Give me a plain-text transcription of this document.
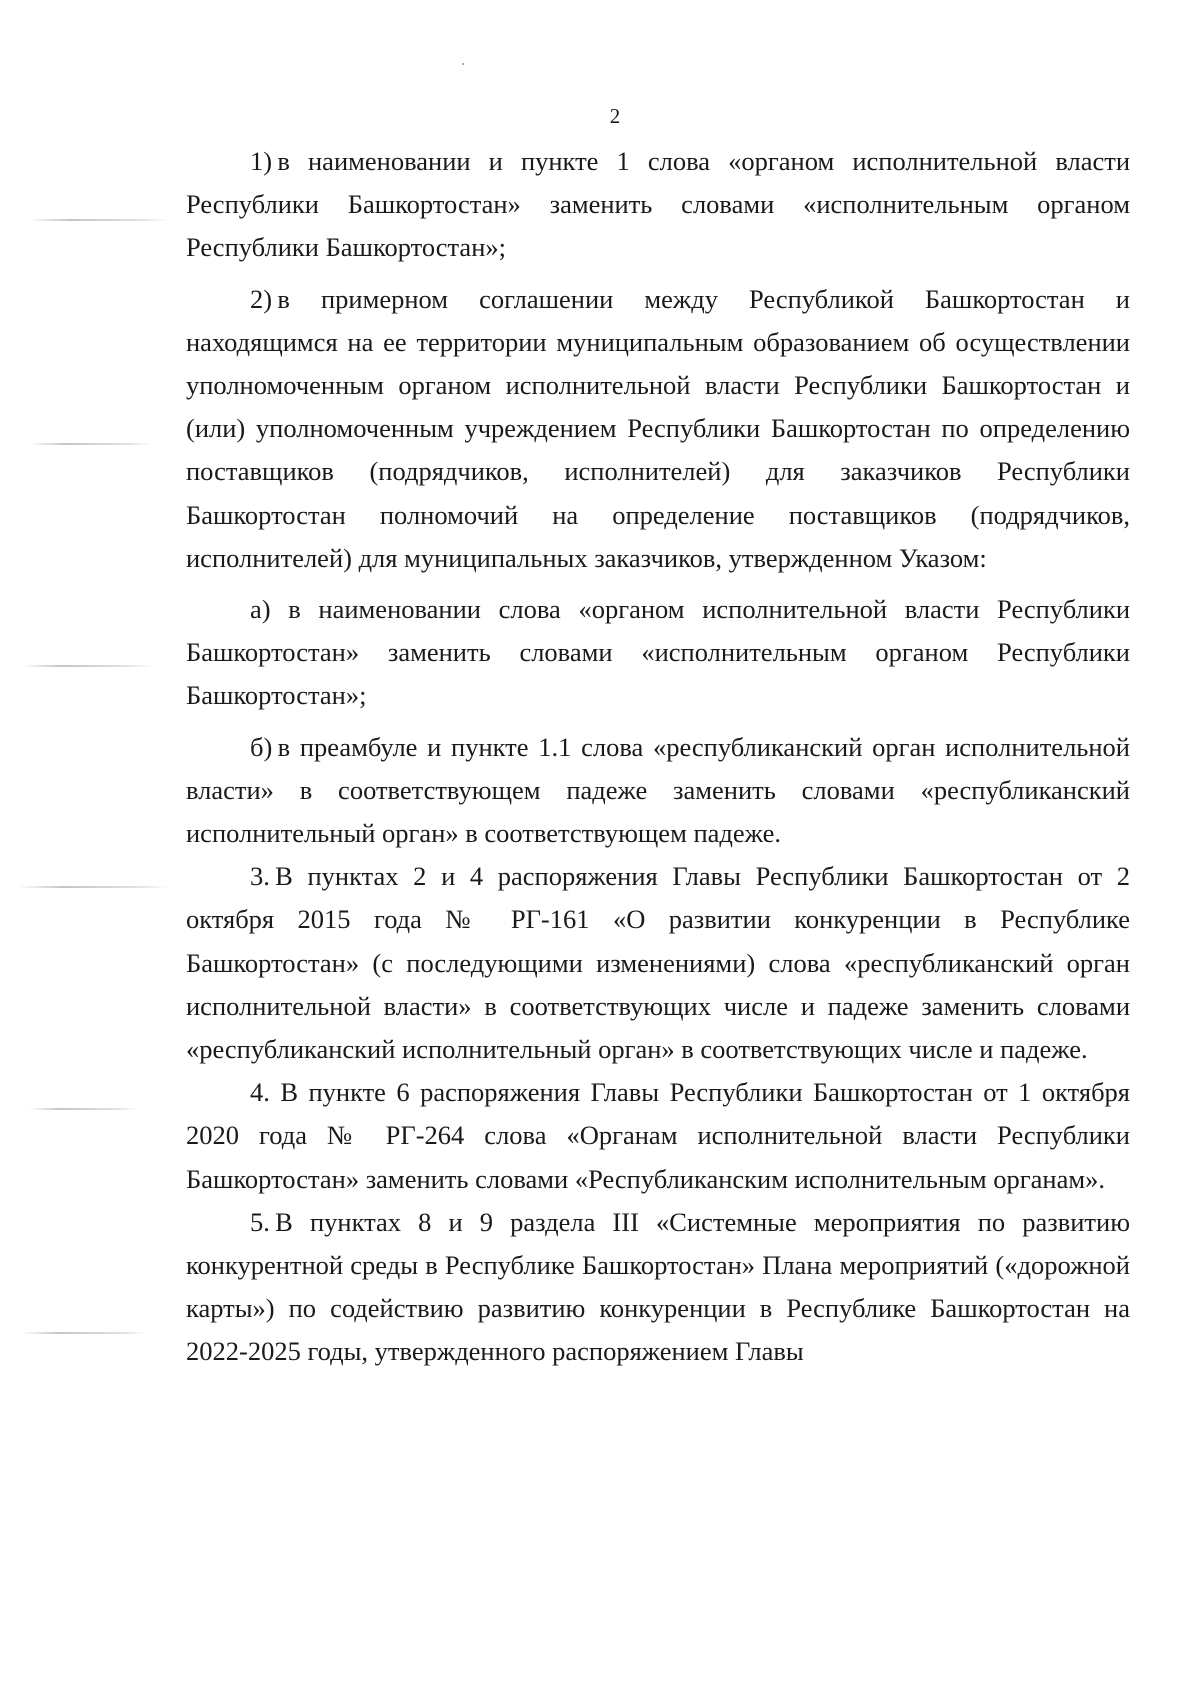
2

1) в наименовании и пункте 1 слова «органом исполнительной власти Республики Башкортостан» заменить словами «исполнительным органом Республики Башкортостан»;

2) в примерном соглашении между Республикой Башкортостан и находящимся на ее территории муниципальным образованием об осуществлении уполномоченным органом исполнительной власти Республики Башкортостан и (или) уполномоченным учреждением Республики Башкортостан по определению поставщиков (подрядчиков, исполнителей) для заказчиков Республики Башкортостан полномочий на определение поставщиков (подрядчиков, исполнителей) для муниципальных заказчиков, утвержденном Указом:

а) в наименовании слова «органом исполнительной власти Республики Башкортостан» заменить словами «исполнительным органом Республики Башкортостан»;

б) в преамбуле и пункте 1.1 слова «республиканский орган исполнительной власти» в соответствующем падеже заменить словами «республиканский исполнительный орган» в соответствующем падеже.

3. В пунктах 2 и 4 распоряжения Главы Республики Башкортостан от 2 октября 2015 года № РГ-161 «О развитии конкуренции в Республике Башкортостан» (с последующими изменениями) слова «республиканский орган исполнительной власти» в соответствующих числе и падеже заменить словами «республиканский исполнительный орган» в соответствующих числе и падеже.

4. В пункте 6 распоряжения Главы Республики Башкортостан от 1 октября 2020 года № РГ-264 слова «Органам исполнительной власти Республики Башкортостан» заменить словами «Республиканским исполнительным органам».

5. В пунктах 8 и 9 раздела III «Системные мероприятия по развитию конкурентной среды в Республике Башкортостан» Плана мероприятий («дорожной карты») по содействию развитию конкуренции в Республике Башкортостан на 2022-2025 годы, утвержденного распоряжением Главы
